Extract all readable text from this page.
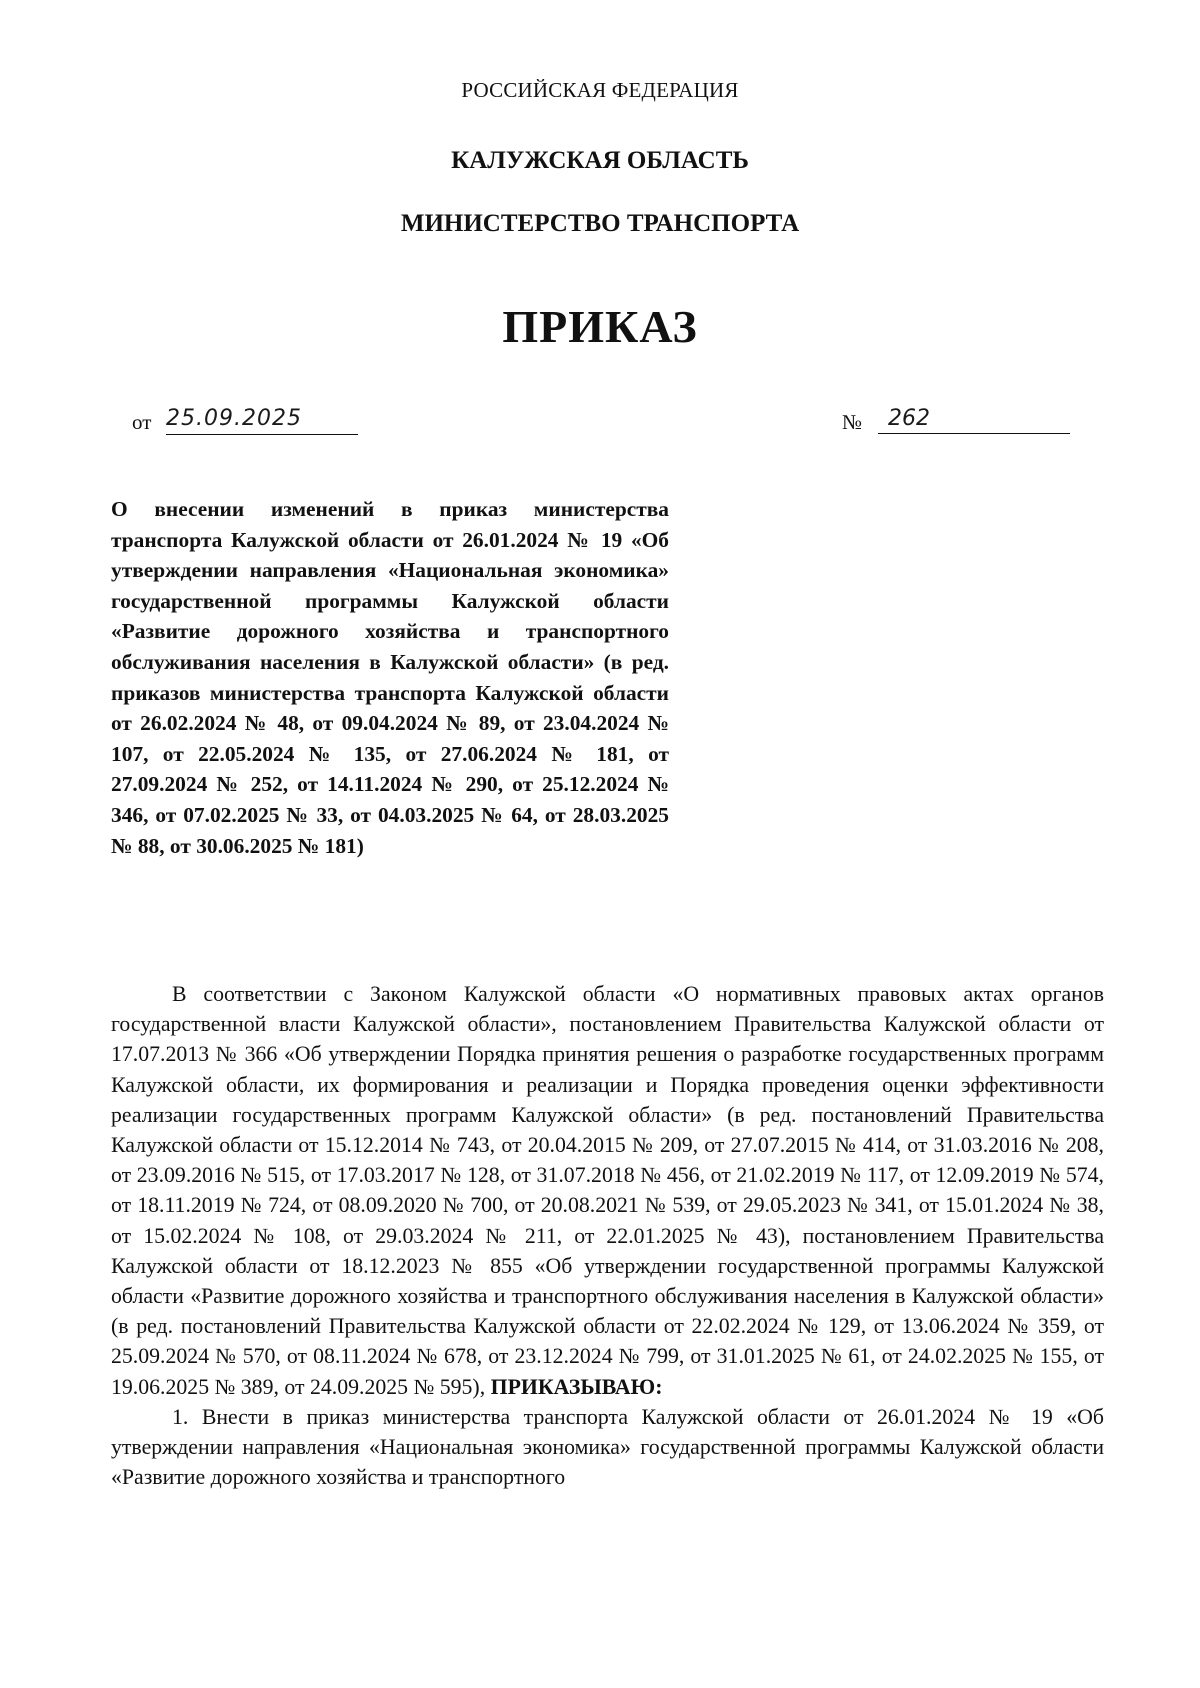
РОССИЙСКАЯ ФЕДЕРАЦИЯ
КАЛУЖСКАЯ ОБЛАСТЬ
МИНИСТЕРСТВО ТРАНСПОРТА
ПРИКАЗ
от 25.09.2025	№	262
О внесении изменений в приказ министерства транспорта Калужской области от 26.01.2024 № 19 «Об утверждении направления «Национальная экономика» государственной программы Калужской области «Развитие дорожного хозяйства и транспортного обслуживания населения в Калужской области» (в ред. приказов министерства транспорта Калужской области от 26.02.2024 № 48, от 09.04.2024 № 89, от 23.04.2024 № 107, от 22.05.2024 № 135, от 27.06.2024 № 181, от 27.09.2024 № 252, от 14.11.2024 № 290, от 25.12.2024 № 346, от 07.02.2025 № 33, от 04.03.2025 № 64, от 28.03.2025 № 88, от 30.06.2025 № 181)

В соответствии с Законом Калужской области «О нормативных правовых актах органов государственной власти Калужской области», постановлением Правительства Калужской области от 17.07.2013 № 366 «Об утверждении Порядка принятия решения о разработке государственных программ Калужской области, их формирования и реализации и Порядка проведения оценки эффективности реализации государственных программ Калужской области» (в ред. постановлений Правительства Калужской области от 15.12.2014 № 743, от 20.04.2015 № 209, от 27.07.2015 № 414, от 31.03.2016 № 208, от 23.09.2016 № 515, от 17.03.2017 № 128, от 31.07.2018 № 456, от 21.02.2019 № 117, от 12.09.2019 № 574, от 18.11.2019 № 724, от 08.09.2020 № 700, от 20.08.2021 № 539, от 29.05.2023 № 341, от 15.01.2024 № 38, от 15.02.2024 № 108, от 29.03.2024 № 211, от 22.01.2025 № 43), постановлением Правительства Калужской области от 18.12.2023 № 855 «Об утверждении государственной программы Калужской области «Развитие дорожного хозяйства и транспортного обслуживания населения в Калужской области» (в ред. постановлений Правительства Калужской области от 22.02.2024 № 129, от 13.06.2024 № 359, от 25.09.2024 № 570, от 08.11.2024 № 678, от 23.12.2024 № 799, от 31.01.2025 № 61, от 24.02.2025 № 155, от 19.06.2025 № 389, от 24.09.2025 № 595), ПРИКАЗЫВАЮ:

1. Внести в приказ министерства транспорта Калужской области от 26.01.2024 № 19 «Об утверждении направления «Национальная экономика» государственной программы Калужской области «Развитие дорожного хозяйства и транспортного
